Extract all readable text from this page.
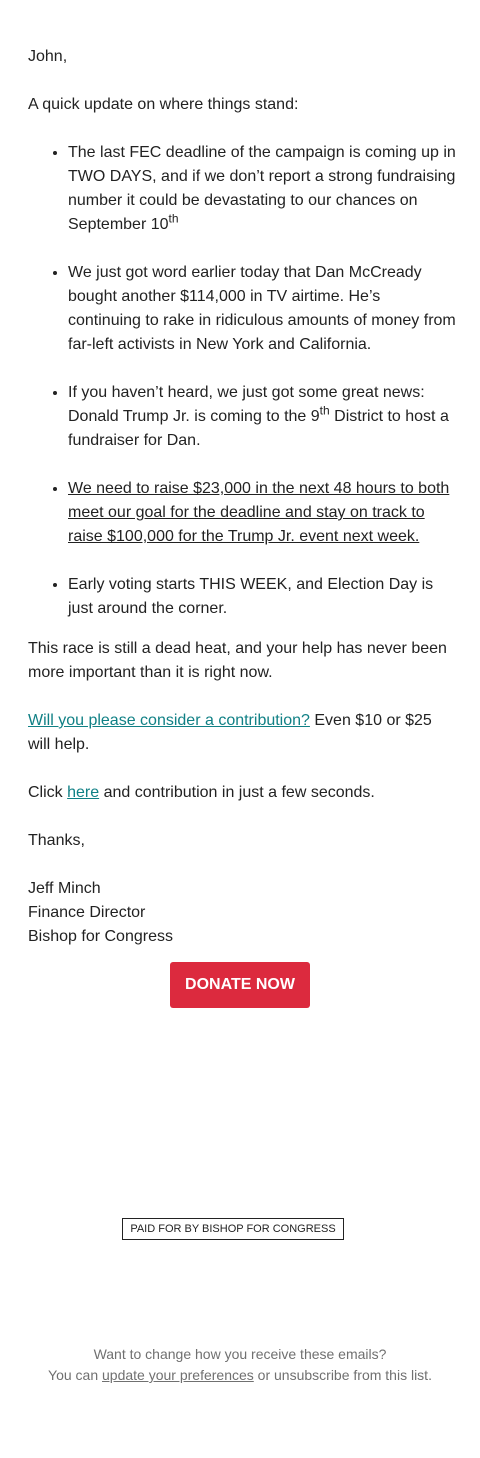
John,

A quick update on where things stand:

• The last FEC deadline of the campaign is coming up in TWO DAYS, and if we don’t report a strong fundraising number it could be devastating to our chances on September 10th
• We just got word earlier today that Dan McCready bought another $114,000 in TV airtime. He’s continuing to rake in ridiculous amounts of money from far-left activists in New York and California.
• If you haven’t heard, we just got some great news: Donald Trump Jr. is coming to the 9th District to host a fundraiser for Dan.
• We need to raise $23,000 in the next 48 hours to both meet our goal for the deadline and stay on track to raise $100,000 for the Trump Jr. event next week.
• Early voting starts THIS WEEK, and Election Day is just around the corner.

This race is still a dead heat, and your help has never been more important than it is right now.

Will you please consider a contribution? Even $10 or $25 will help.

Click here and contribution in just a few seconds.

Thanks,

Jeff Minch
Finance Director
Bishop for Congress
DONATE NOW
PAID FOR BY BISHOP FOR CONGRESS
Want to change how you receive these emails?
You can update your preferences or unsubscribe from this list.
